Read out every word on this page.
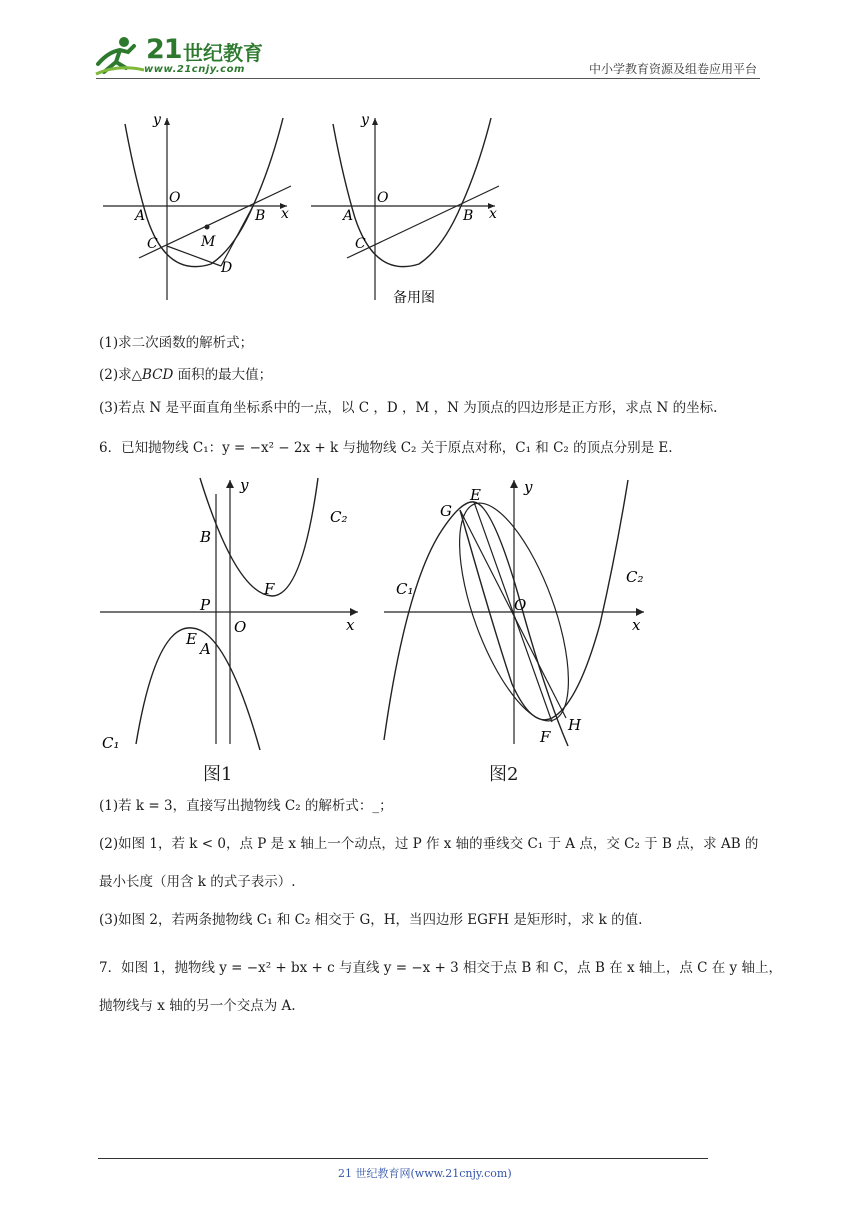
21 世纪教育
www.21cnjy.com	中小学教育资源及组卷应用平台
y
x
O
A	B
C	M
D
y
x
O
A	B
C
备用图
(1)求二次函数的解析式；
(2)求△BCD 面积的最大值；
(3)若点 N 是平面直角坐标系中的一点，以 C ，D ，M ，N 为顶点的四边形是正方形，求点 N 的坐标.
6．已知抛物线 C₁：y = −x² − 2x + k 与抛物线 C₂ 关于原点对称，C₁ 和 C₂ 的顶点分别是 E.
y
x
B
C₂
F
P
O
E
A
C₁
G
E	y
C₁
O
C₂
x
H
F
图1	图2
(1)若 k = 3，直接写出抛物线 C₂ 的解析式：_；
(2)如图 1，若 k < 0，点 P 是 x 轴上一个动点，过 P 作 x 轴的垂线交 C₁ 于 A 点，交 C₂ 于 B 点，求 AB 的
最小长度（用含 k 的式子表示）.
(3)如图 2，若两条抛物线 C₁ 和 C₂ 相交于 G，H，当四边形 EGFH 是矩形时，求 k 的值.
7．如图 1，抛物线 y = −x² + bx + c 与直线 y = −x + 3 相交于点 B 和 C，点 B 在 x 轴上，点 C 在 y 轴上，
抛物线与 x 轴的另一个交点为 A.
21 世纪教育网(www.21cnjy.com)
